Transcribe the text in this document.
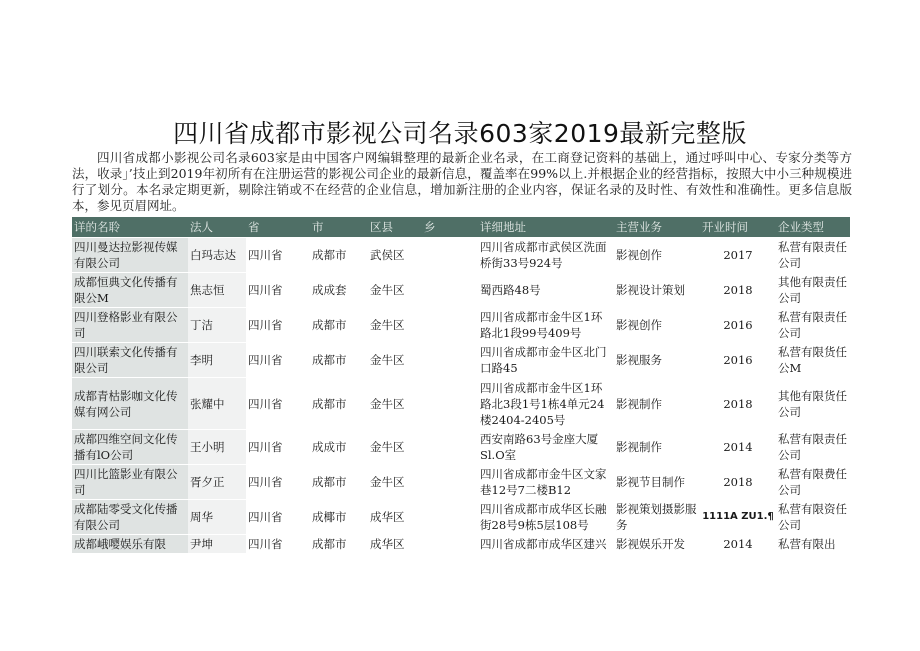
四川省成都市影视公司名录603家2019最新完整版

四川省成都小影视公司名录603家是由中国客户网编辑整理的最新企业名录，在工商登记资料的基础上，通过呼叫中心、专家分类等方法，收录」’技止到2019年初所有在注册运营的影视公司企业的最新信息，覆盖率在99%以上.并根据企业的经营指标，按照大中小三种规模进行了划分。本名录定期更新，剔除注销或不在经营的企业信息，增加新注册的企业内容，保证名录的及时性、有效性和准确性。更多信息版本，参见页眉网址。

详的名聆	法人	省	市	区县	乡	详细地址	主营业务	开业时间	企业类型
四川曼达拉影视传媒有限公司	白玛志达	四川省	成都市	武侯区		四川省成都市武侯区洗面桥街33号924号	影视创作	2017	私营有限责任公司
成都恒典文化传播有限公M	焦志恒	四川省	成成套	金牛区		蜀西路48号	影视设计策划	2018	其他有限责任公司
四川登格影业有限公司	丁洁	四川省	成都市	金牛区		四川省成都市金牛区1环路北1段99号409号	影视创作	2016	私营有限责任公司
四川联索文化传播有限公司	李明	四川省	成都市	金牛区		四川省成都市金牛区北门口路45	影视服务	2016	私营有限货任公M
成都青枯影咖文化传媒有网公司	张耀中	四川省	成都市	金牛区		四川省成都市金牛区1环路北3段1号1栋4单元24楼2404-2405号	影视制作	2018	其他有限货任公司
成都四维空间文化传播有lO公司	王小明	四川省	成成市	金牛区		西安南路63号金座大厦Sl.O室	影视制作	2014	私营有限责任公司
四川比篮影业有限公司	胥夕正	四川省	成都市	金牛区		四川省成都市金牛区文家巷12号7二楼B12	影视节目制作	2018	私营有限费任公司
成都陆零受文化传播有限公司	周华	四川省	成椰市	成华区		四川省成都市成华区长融街28号9栋5层108号	影视策划摄影服务	1111A ZU1.¶	私营有限资任公司
成都峨嘤娱乐有限	尹坤	四川省	成都市	成华区		四川省成都市成华区建兴	影视娱乐开发	2014	私营有限出
